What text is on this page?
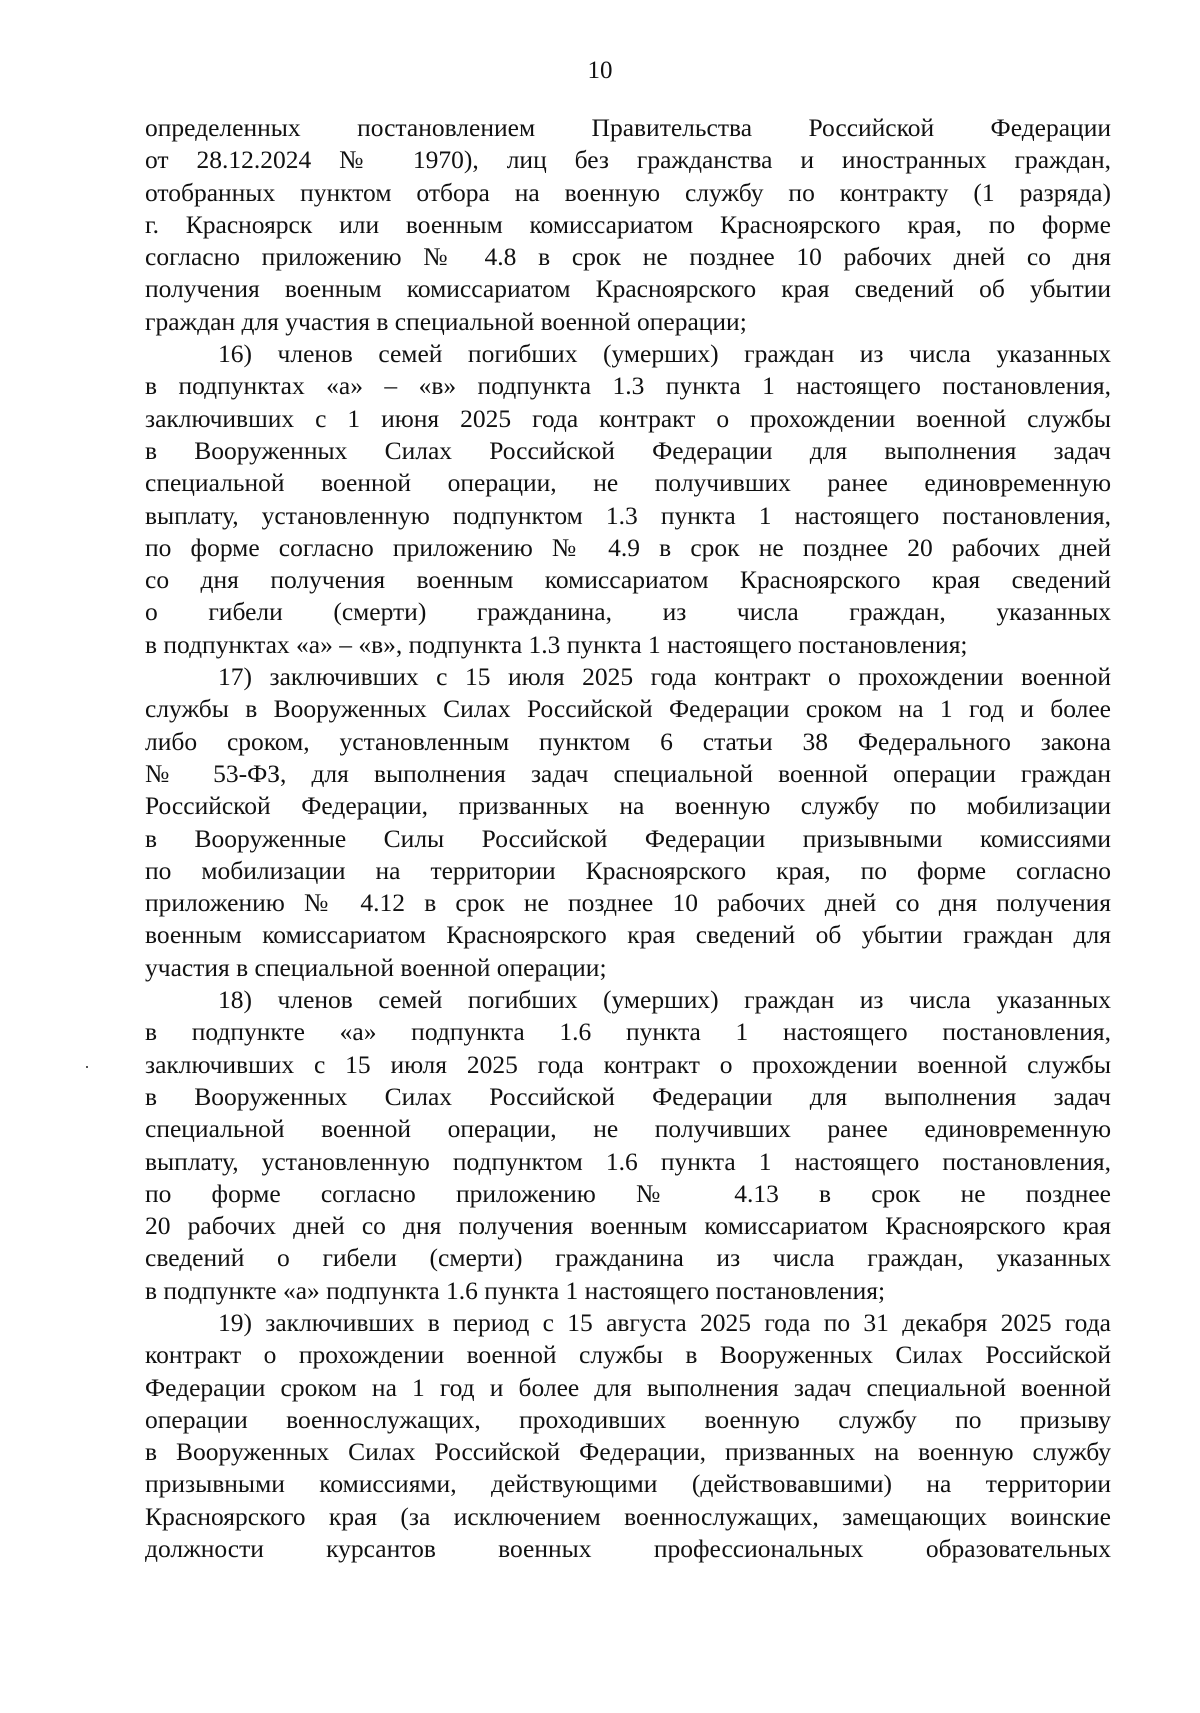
10

определенных постановлением Правительства Российской Федерации
от 28.12.2024 № 1970), лиц без гражданства и иностранных граждан,
отобранных пунктом отбора на военную службу по контракту (1 разряда)
г. Красноярск или военным комиссариатом Красноярского края, по форме
согласно приложению № 4.8 в срок не позднее 10 рабочих дней со дня
получения военным комиссариатом Красноярского края сведений об убытии
граждан для участия в специальной военной операции;

16) членов семей погибших (умерших) граждан из числа указанных
в подпунктах «а» – «в» подпункта 1.3 пункта 1 настоящего постановления,
заключивших с 1 июня 2025 года контракт о прохождении военной службы
в Вооруженных Силах Российской Федерации для выполнения задач
специальной военной операции, не получивших ранее единовременную
выплату, установленную подпунктом 1.3 пункта 1 настоящего постановления,
по форме согласно приложению № 4.9 в срок не позднее 20 рабочих дней
со дня получения военным комиссариатом Красноярского края сведений
о гибели (смерти) гражданина, из числа граждан, указанных
в подпунктах «а» – «в», подпункта 1.3 пункта 1 настоящего постановления;

17) заключивших с 15 июля 2025 года контракт о прохождении военной
службы в Вооруженных Силах Российской Федерации сроком на 1 год и более
либо сроком, установленным пунктом 6 статьи 38 Федерального закона
№ 53-ФЗ, для выполнения задач специальной военной операции граждан
Российской Федерации, призванных на военную службу по мобилизации
в Вооруженные Силы Российской Федерации призывными комиссиями
по мобилизации на территории Красноярского края, по форме согласно
приложению № 4.12 в срок не позднее 10 рабочих дней со дня получения
военным комиссариатом Красноярского края сведений об убытии граждан для
участия в специальной военной операции;

18) членов семей погибших (умерших) граждан из числа указанных
в подпункте «а» подпункта 1.6 пункта 1 настоящего постановления,
заключивших с 15 июля 2025 года контракт о прохождении военной службы
в Вооруженных Силах Российской Федерации для выполнения задач
специальной военной операции, не получивших ранее единовременную
выплату, установленную подпунктом 1.6 пункта 1 настоящего постановления,
по форме согласно приложению № 4.13 в срок не позднее
20 рабочих дней со дня получения военным комиссариатом Красноярского края
сведений о гибели (смерти) гражданина из числа граждан, указанных
в подпункте «а» подпункта 1.6 пункта 1 настоящего постановления;

19) заключивших в период с 15 августа 2025 года по 31 декабря 2025 года
контракт о прохождении военной службы в Вооруженных Силах Российской
Федерации сроком на 1 год и более для выполнения задач специальной военной
операции военнослужащих, проходивших военную службу по призыву
в Вооруженных Силах Российской Федерации, призванных на военную службу
призывными комиссиями, действующими (действовавшими) на территории
Красноярского края (за исключением военнослужащих, замещающих воинские
должности курсантов военных профессиональных образовательных
